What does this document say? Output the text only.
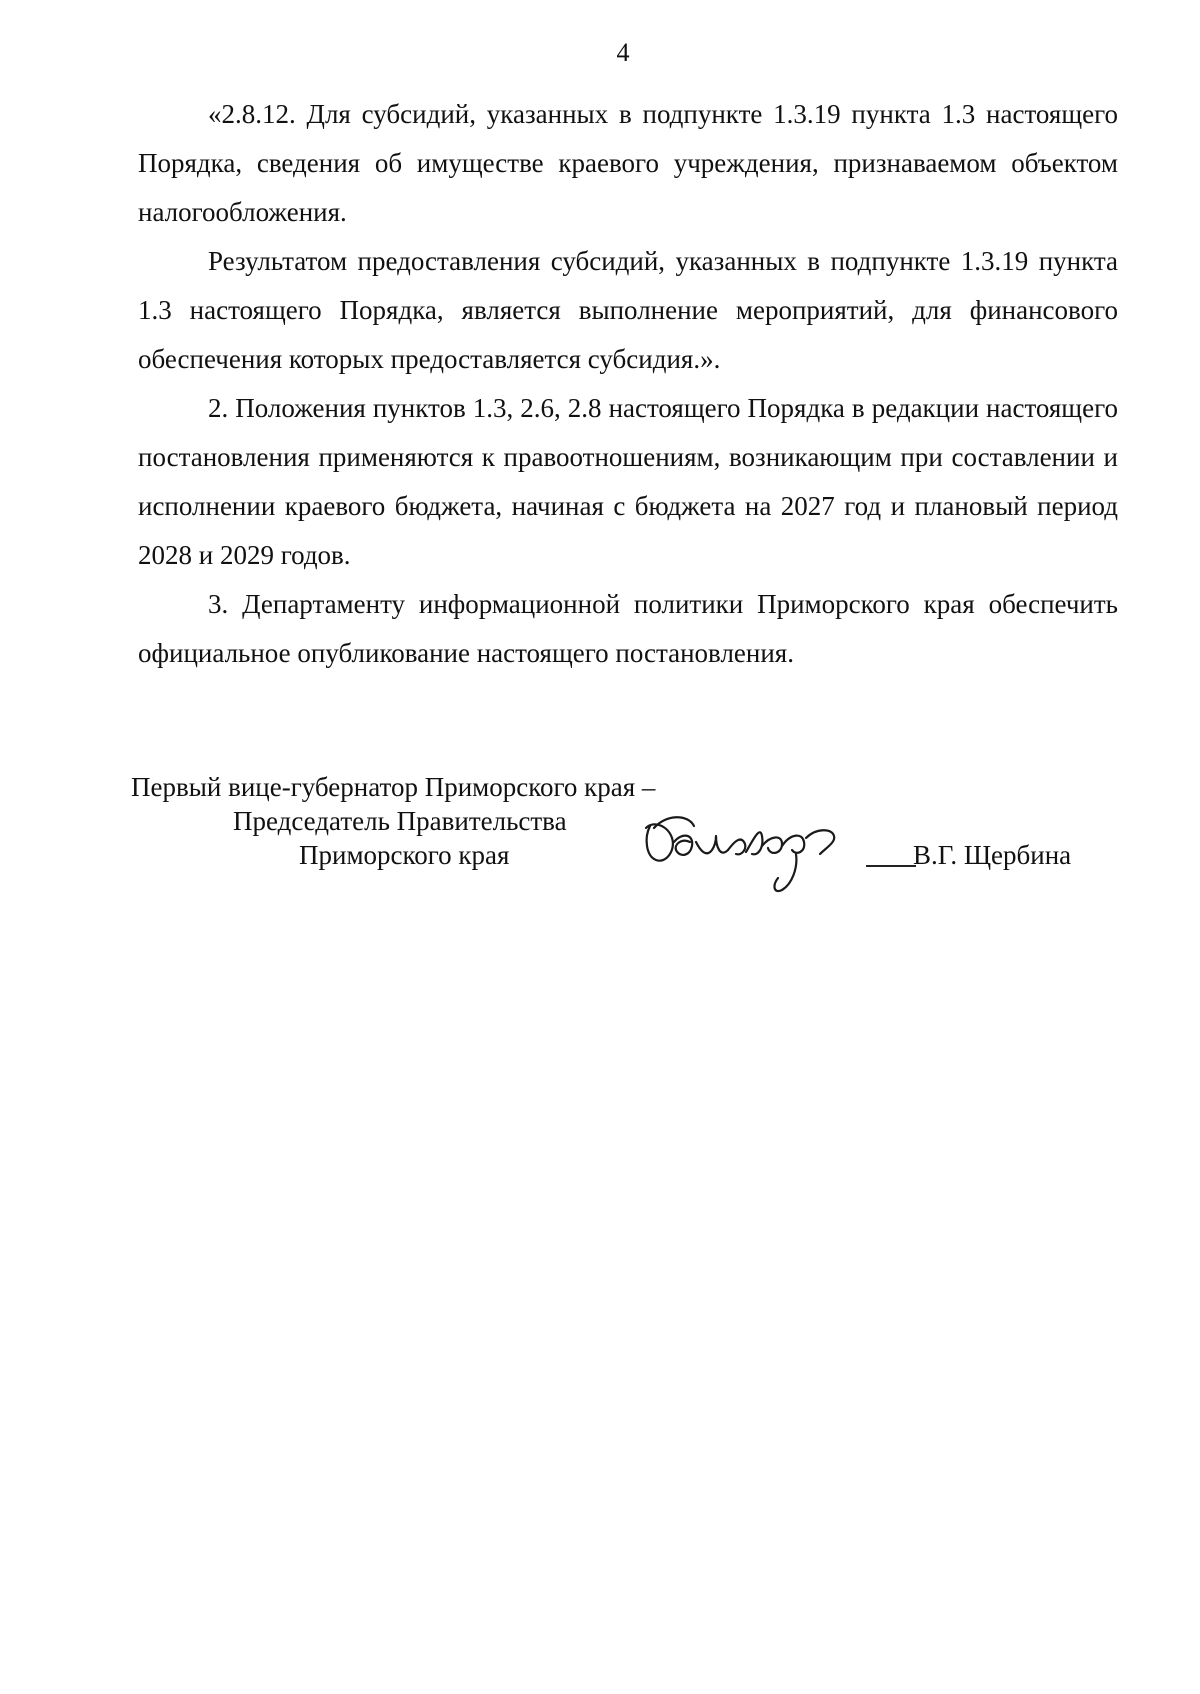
4

«2.8.12. Для субсидий, указанных в подпункте 1.3.19 пункта 1.3 настоящего Порядка, сведения об имуществе краевого учреждения, признаваемом объектом налогообложения.

Результатом предоставления субсидий, указанных в подпункте 1.3.19 пункта 1.3 настоящего Порядка, является выполнение мероприятий, для финансового обеспечения которых предоставляется субсидия.».

2. Положения пунктов 1.3, 2.6, 2.8 настоящего Порядка в редакции настоящего постановления применяются к правоотношениям, возникающим при составлении и исполнении краевого бюджета, начиная с бюджета на 2027 год и плановый период 2028 и 2029 годов.

3. Департаменту информационной политики Приморского края обеспечить официальное опубликование настоящего постановления.

Первый вице-губернатор Приморского края –
Председатель Правительства
Приморского края	В.Г. Щербина
